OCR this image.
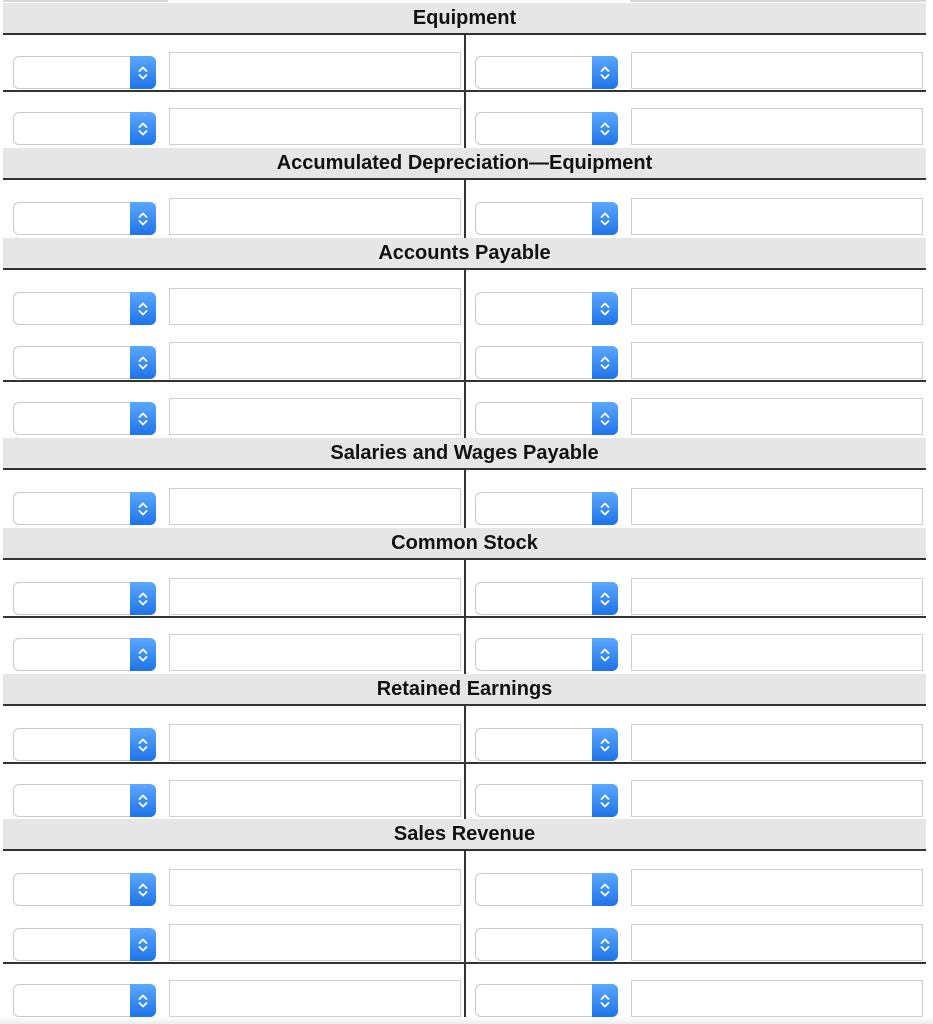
Equipment
Accumulated Depreciation—Equipment
Accounts Payable
Salaries and Wages Payable
Common Stock
Retained Earnings
Sales Revenue
